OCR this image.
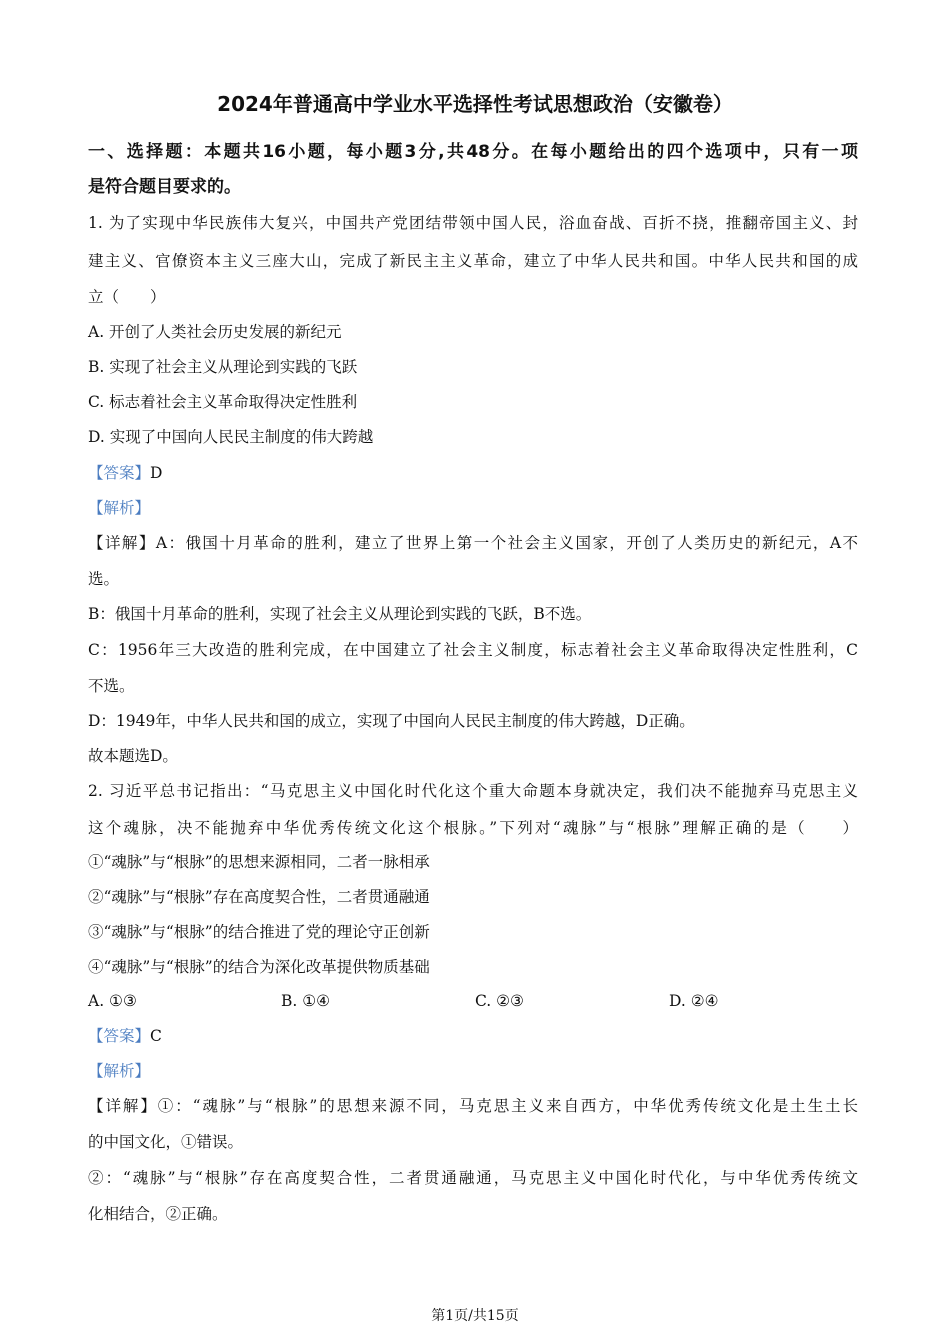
2024年普通高中学业水平选择性考试思想政治（安徽卷）
一、选择题：本题共16小题，每小题3分,共48分。在每小题给出的四个选项中，只有一项
是符合题目要求的。
1. 为了实现中华民族伟大复兴，中国共产党团结带领中国人民，浴血奋战、百折不挠，推翻帝国主义、封
建主义、官僚资本主义三座大山，完成了新民主主义革命，建立了中华人民共和国。中华人民共和国的成
立（　　）
A. 开创了人类社会历史发展的新纪元
B. 实现了社会主义从理论到实践的飞跃
C. 标志着社会主义革命取得决定性胜利
D. 实现了中国向人民民主制度的伟大跨越
【答案】D
【解析】
【详解】A：俄国十月革命的胜利，建立了世界上第一个社会主义国家，开创了人类历史的新纪元，A不
选。
B：俄国十月革命的胜利，实现了社会主义从理论到实践的飞跃，B不选。
C：1956年三大改造的胜利完成，在中国建立了社会主义制度，标志着社会主义革命取得决定性胜利，C
不选。
D：1949年，中华人民共和国的成立，实现了中国向人民民主制度的伟大跨越，D正确。
故本题选D。
2. 习近平总书记指出：“马克思主义中国化时代化这个重大命题本身就决定，我们决不能抛弃马克思主义
这个魂脉，决不能抛弃中华优秀传统文化这个根脉。”下列对“魂脉”与“根脉”理解正确的是（　　）
①“魂脉”与“根脉”的思想来源相同，二者一脉相承
②“魂脉”与“根脉”存在高度契合性，二者贯通融通
③“魂脉”与“根脉”的结合推进了党的理论守正创新
④“魂脉”与“根脉”的结合为深化改革提供物质基础
A. ①③	B. ①④	C. ②③	D. ②④
【答案】C
【解析】
【详解】①：“魂脉”与“根脉”的思想来源不同，马克思主义来自西方，中华优秀传统文化是土生土长
的中国文化，①错误。
②：“魂脉”与“根脉”存在高度契合性，二者贯通融通，马克思主义中国化时代化，与中华优秀传统文
化相结合，②正确。
第1页/共15页
